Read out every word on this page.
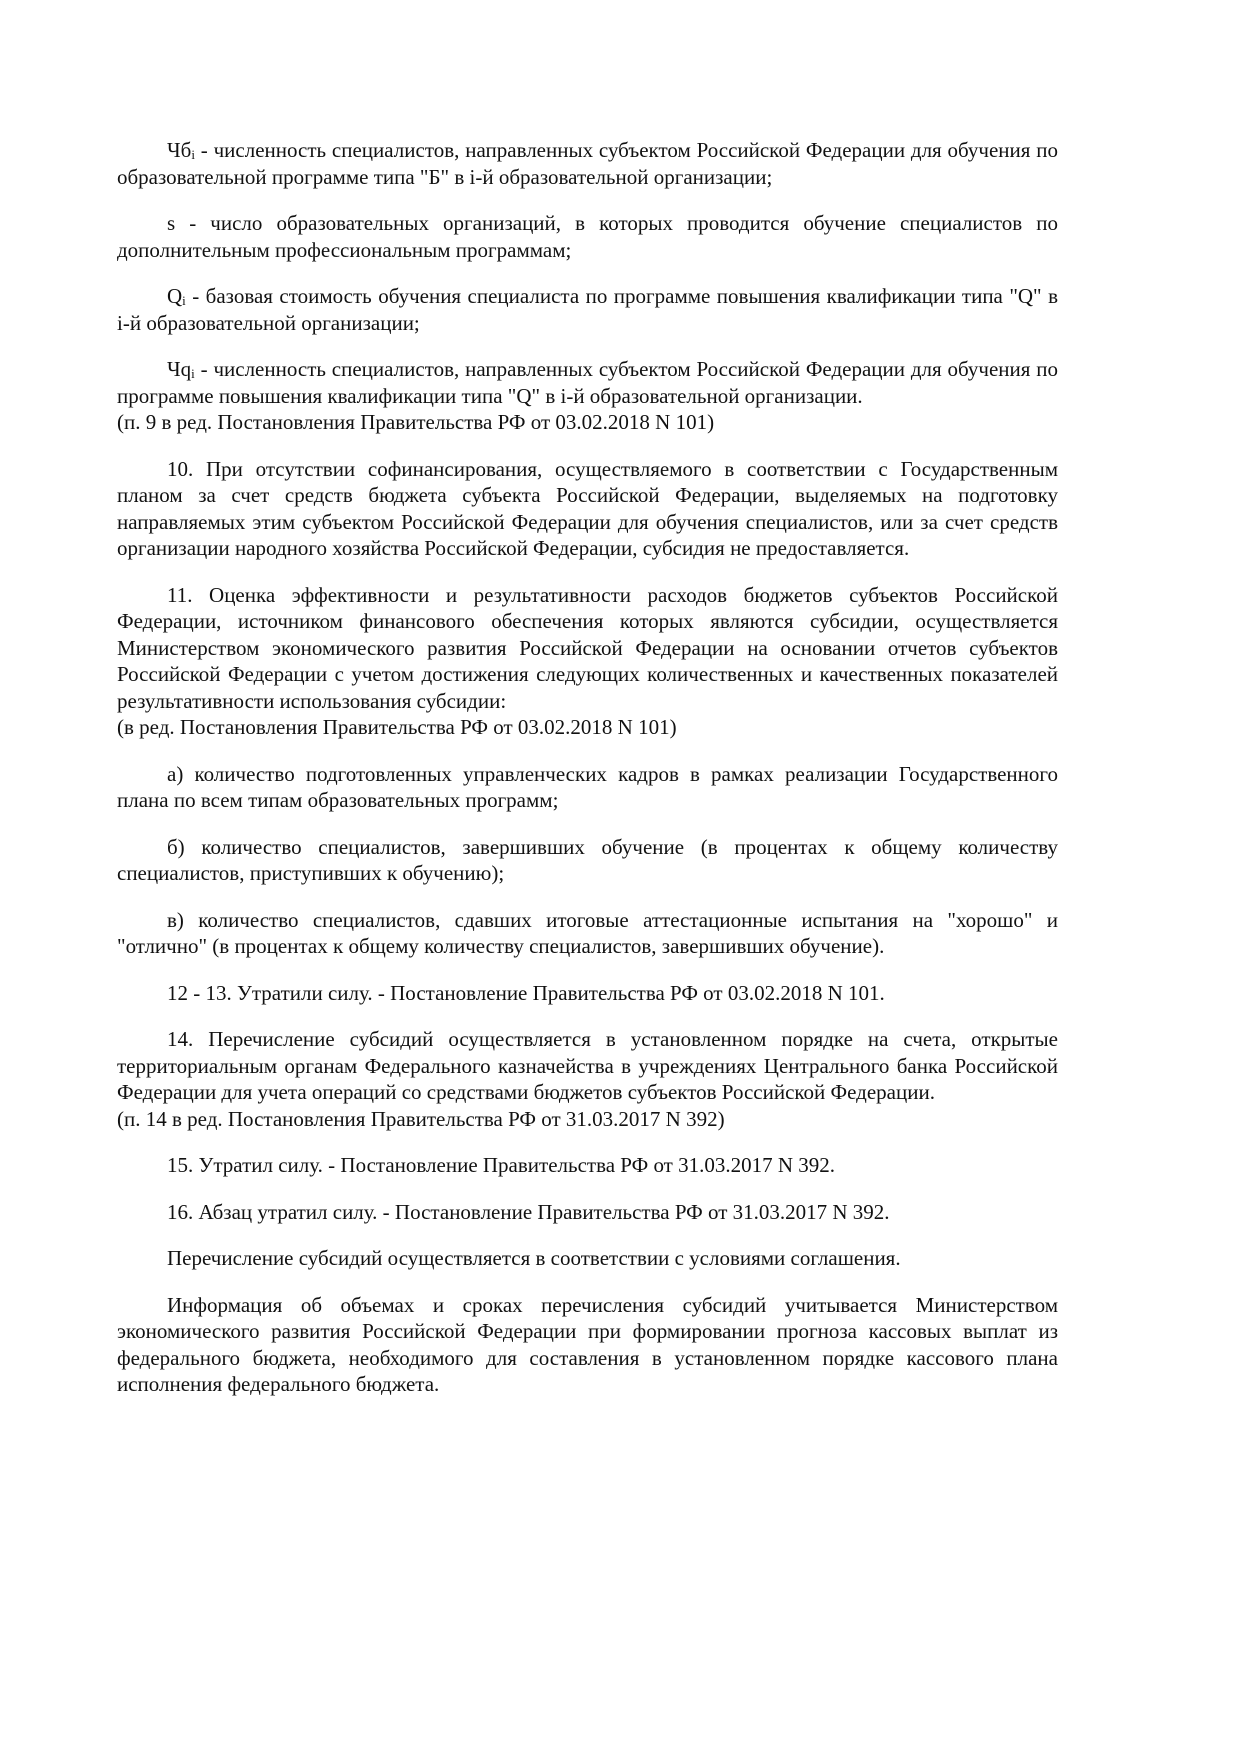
$Чб_i$ - численность специалистов, направленных субъектом Российской Федерации для обучения по образовательной программе типа "Б" в i-й образовательной организации;

s - число образовательных организаций, в которых проводится обучение специалистов по дополнительным профессиональным программам;

$Q_i$ - базовая стоимость обучения специалиста по программе повышения квалификации типа "Q" в i-й образовательной организации;

$Чq_i$ - численность специалистов, направленных субъектом Российской Федерации для обучения по программе повышения квалификации типа "Q" в i-й образовательной организации.

(п. 9 в ред. Постановления Правительства РФ от 03.02.2018 N 101)

10. При отсутствии софинансирования, осуществляемого в соответствии с Государственным планом за счет средств бюджета субъекта Российской Федерации, выделяемых на подготовку направляемых этим субъектом Российской Федерации для обучения специалистов, или за счет средств организации народного хозяйства Российской Федерации, субсидия не предоставляется.

11. Оценка эффективности и результативности расходов бюджетов субъектов Российской Федерации, источником финансового обеспечения которых являются субсидии, осуществляется Министерством экономического развития Российской Федерации на основании отчетов субъектов Российской Федерации с учетом достижения следующих количественных и качественных показателей результативности использования субсидии:

(в ред. Постановления Правительства РФ от 03.02.2018 N 101)

а) количество подготовленных управленческих кадров в рамках реализации Государственного плана по всем типам образовательных программ;

б) количество специалистов, завершивших обучение (в процентах к общему количеству специалистов, приступивших к обучению);

в) количество специалистов, сдавших итоговые аттестационные испытания на "хорошо" и "отлично" (в процентах к общему количеству специалистов, завершивших обучение).

12 - 13. Утратили силу. - Постановление Правительства РФ от 03.02.2018 N 101.

14. Перечисление субсидий осуществляется в установленном порядке на счета, открытые территориальным органам Федерального казначейства в учреждениях Центрального банка Российской Федерации для учета операций со средствами бюджетов субъектов Российской Федерации.

(п. 14 в ред. Постановления Правительства РФ от 31.03.2017 N 392)

15. Утратил силу. - Постановление Правительства РФ от 31.03.2017 N 392.

16. Абзац утратил силу. - Постановление Правительства РФ от 31.03.2017 N 392.

Перечисление субсидий осуществляется в соответствии с условиями соглашения.

Информация об объемах и сроках перечисления субсидий учитывается Министерством экономического развития Российской Федерации при формировании прогноза кассовых выплат из федерального бюджета, необходимого для составления в установленном порядке кассового плана исполнения федерального бюджета.
